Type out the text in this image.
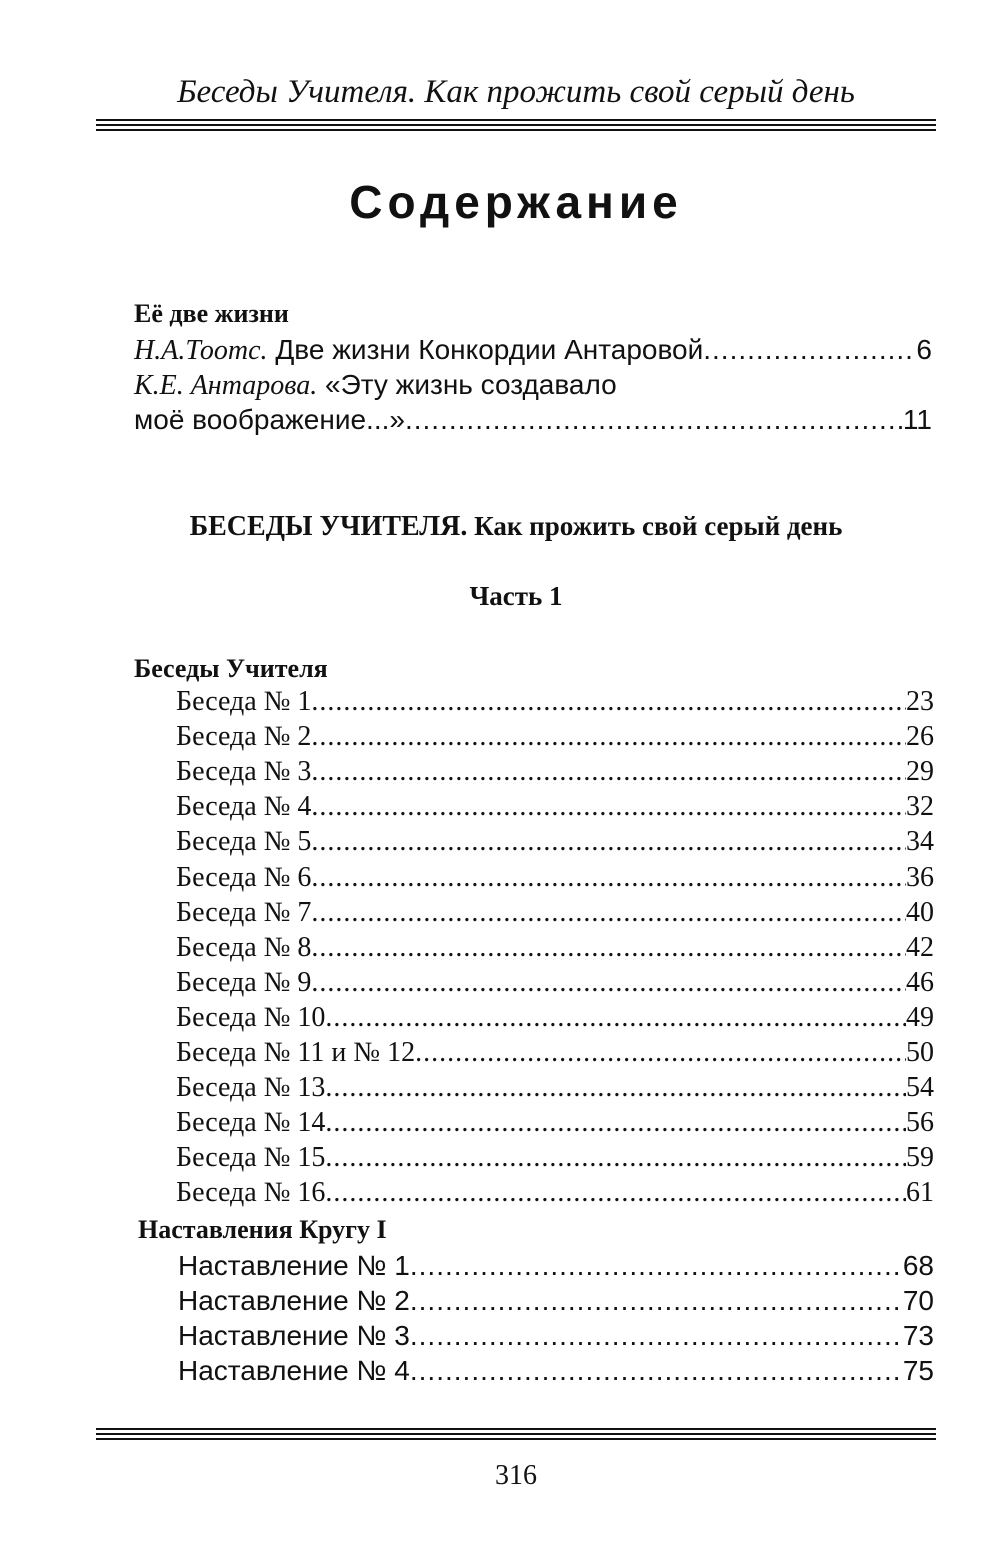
Беседы Учителя. Как прожить свой серый день
Содержание
Её две жизни
Н.А.Тоотс. Две жизни Конкордии Антаровой .....	6
К.Е. Антарова. «Эту жизнь создавало
моё воображение...» .....	11
БЕСЕДЫ УЧИТЕЛЯ. Как прожить свой серый день
Часть 1
Беседы Учителя
Беседа № 1 .....	23
Беседа № 2 .....	26
Беседа № 3 .....	29
Беседа № 4 .....	32
Беседа № 5 .....	34
Беседа № 6 .....	36
Беседа № 7 .....	40
Беседа № 8 .....	42
Беседа № 9 .....	46
Беседа № 10 .....	49
Беседа № 11 и № 12 .....	50
Беседа № 13 .....	54
Беседа № 14 .....	56
Беседа № 15 .....	59
Беседа № 16 .....	61
Наставления Кругу I
Наставление № 1 .....	68
Наставление № 2 .....	70
Наставление № 3 .....	73
Наставление № 4 .....	75
316
